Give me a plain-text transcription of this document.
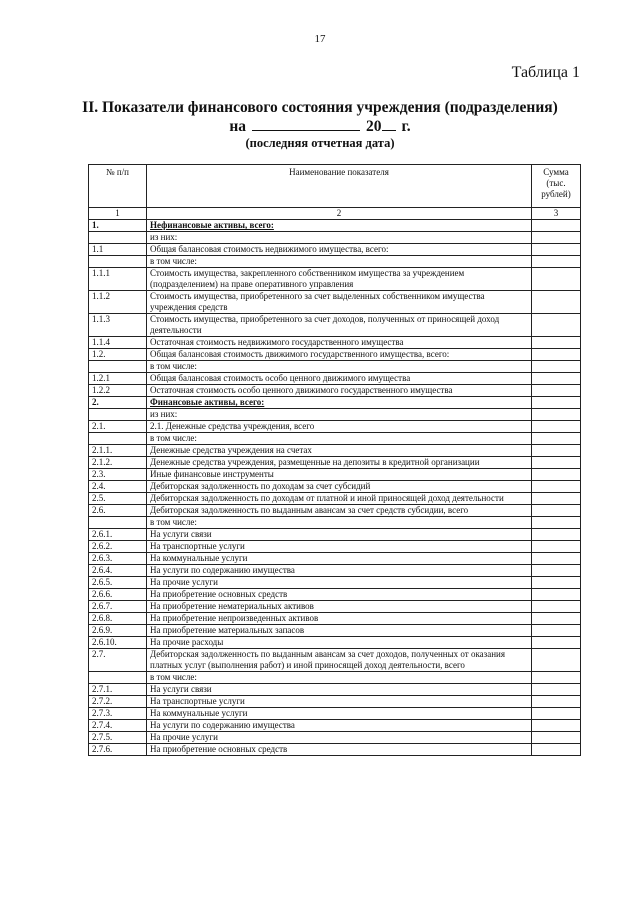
17
Таблица 1
II. Показатели финансового состояния учреждения (подразделения)
на	20 г.
(последняя отчетная дата)
№ п/п	Наименование показателя	Сумма (тыс. рублей)
1	2	3
1.	Нефинансовые активы, всего:	
	из них:	
1.1	Общая балансовая стоимость недвижимого имущества, всего:	
	в том числе:	
1.1.1	Стоимость имущества, закрепленного собственником имущества за учреждением (подразделением) на праве оперативного управления	
1.1.2	Стоимость имущества, приобретенного за счет выделенных собственником имущества учреждения средств	
1.1.3	Стоимость имущества, приобретенного за счет доходов, полученных от приносящей доход деятельности	
1.1.4	Остаточная стоимость недвижимого государственного имущества	
1.2.	Общая балансовая стоимость движимого государственного имущества, всего:	
	в том числе:	
1.2.1	Общая балансовая стоимость особо ценного движимого имущества	
1.2.2	Остаточная стоимость особо ценного движимого государственного имущества	
2.	Финансовые активы, всего:	
	из них:	
2.1.	2.1. Денежные средства учреждения, всего	
	в том числе:	
2.1.1.	Денежные средства учреждения на счетах	
2.1.2.	Денежные средства учреждения, размещенные на депозиты в кредитной организации	
2.3.	Иные финансовые инструменты	
2.4.	Дебиторская задолженность по доходам за счет субсидий	
2.5.	Дебиторская задолженность по доходам от платной и иной приносящей доход деятельности	
2.6.	Дебиторская задолженность по выданным авансам за счет средств субсидии, всего	
	в том числе:	
2.6.1.	На услуги связи	
2.6.2.	На транспортные услуги	
2.6.3.	На коммунальные услуги	
2.6.4.	На услуги по содержанию имущества	
2.6.5.	На прочие услуги	
2.6.6.	На приобретение основных средств	
2.6.7.	На приобретение нематериальных активов	
2.6.8.	На приобретение непроизведенных активов	
2.6.9.	На приобретение материальных запасов	
2.6.10.	На прочие расходы	
2.7.	Дебиторская задолженность по выданным авансам за счет доходов, полученных от оказания платных услуг (выполнения работ) и иной приносящей доход деятельности, всего	
	в том числе:	
2.7.1.	На услуги связи	
2.7.2.	На транспортные услуги	
2.7.3.	На коммунальные услуги	
2.7.4.	На услуги по содержанию имущества	
2.7.5.	На прочие услуги	
2.7.6.	На приобретение основных средств	
